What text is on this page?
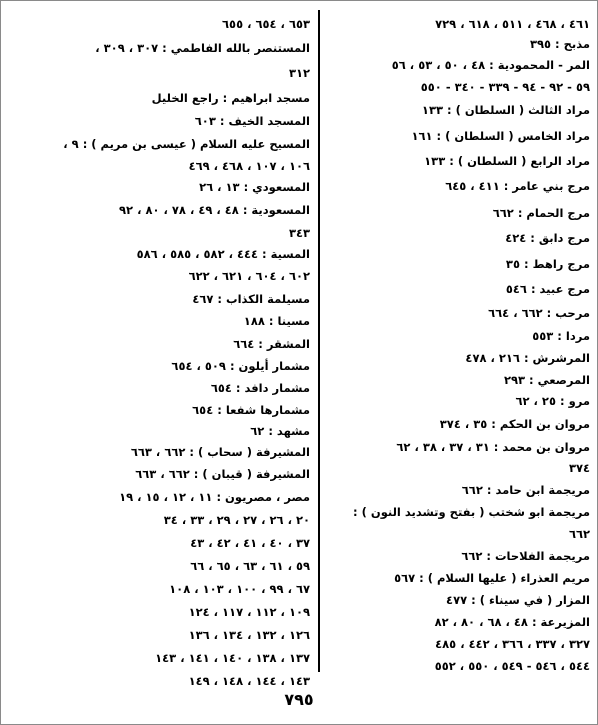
٤٦١ ، ٤٦٨ ، ٥١١ ، ٦١٨ ، ٧٢٩
مذبح : ٣٩٥
المر - المحمودية : ٤٨ ، ٥٠ ، ٥٣ ، ٥٦
٥٩ - ٩٢ - ٩٤ - ٣٣٩ - ٣٤٠ - ٥٥٠
مراد الثالث ( السلطان ) : ١٣٣
مراد الخامس ( السلطان ) : ١٦١
مراد الرابع ( السلطان ) : ١٣٣
مرج بني عامر : ٤١١ ، ٦٤٥
مرج الحمام : ٦٦٢
مرج دابق : ٤٢٤
مرج راهط : ٣٥
مرج عبيد : ٥٤٦
مرحب : ٦٦٢ ، ٦٦٤
مردا : ٥٥٣
المرشرش : ٢١٦ ، ٤٧٨
المرصعي : ٢٩٣
مرو : ٢٥ ، ٦٢
مروان بن الحكم : ٣٥ ، ٣٧٤
مروان بن محمد : ٣١ ، ٣٧ ، ٣٨ ، ٦٢
٣٧٤
مريجمة ابن حامد : ٦٦٢
مريجمة ابو شختب ( بفتح وتشديد النون ) :
٦٦٢
مريجمة الفلاحات : ٦٦٢
مريم العذراء ( عليها السلام ) : ٥٦٧
المزار ( في سيناء ) : ٤٧٧
المزيرعة : ٤٨ ، ٦٨ ، ٨٠ ، ٨٢
٣٢٧ ، ٣٣٧ ، ٣٦٦ ، ٤٤٢ ، ٤٨٥
٥٤٤ ، ٥٤٦ - ٥٤٩ ، ٥٥٠ ، ٥٥٢
٦٥٣ ، ٦٥٤ ، ٦٥٥
المستنصر بالله الفاطمي : ٣٠٧ ، ٣٠٩ ،
٣١٢
مسجد ابراهيم : راجع الخليل
المسجد الخيف : ٦٠٣
المسيح عليه السلام ( عيسى بن مريم ) : ٩ ،
١٠٦ ، ١٠٧ ، ٤٦٨ ، ٤٦٩
المسعودي : ١٣ ، ٢٦
المسعودية : ٤٨ ، ٤٩ ، ٧٨ ، ٨٠ ، ٩٢
٣٤٣
المسية : ٤٤٤ ، ٥٨٢ ، ٥٨٥ ، ٥٨٦
٦٠٢ ، ٦٠٤ ، ٦٢١ ، ٦٢٢
مسيلمة الكذاب : ٤٦٧
مسينا : ١٨٨
المشقر : ٦٦٤
مشمار أيلون : ٥٠٩ ، ٦٥٤
مشمار دافد : ٦٥٤
مشمارها شفعا : ٦٥٤
مشهد : ٦٢
المشيرفة ( سحاب ) : ٦٦٢ ، ٦٦٣
المشيرفة ( قيبان ) : ٦٦٢ ، ٦٦٣
مصر ، مصريون : ١١ ، ١٢ ، ١٥ ، ١٩
٢٠ ، ٢٦ ، ٢٧ ، ٢٩ ، ٣٣ ، ٣٤
٣٧ ، ٤٠ ، ٤١ ، ٤٢ ، ٤٣
٥٩ ، ٦١ ، ٦٣ ، ٦٥ ، ٦٦
٦٧ ، ٩٩ ، ١٠٠ ، ١٠٣ ، ١٠٨
١٠٩ ، ١١٢ ، ١١٧ ، ١٢٤
١٢٦ ، ١٣٢ ، ١٣٤ ، ١٣٦
١٣٧ ، ١٣٨ ، ١٤٠ ، ١٤١ ، ١٤٣
١٤٣ ، ١٤٤ ، ١٤٨ ، ١٤٩
٧٩٥
